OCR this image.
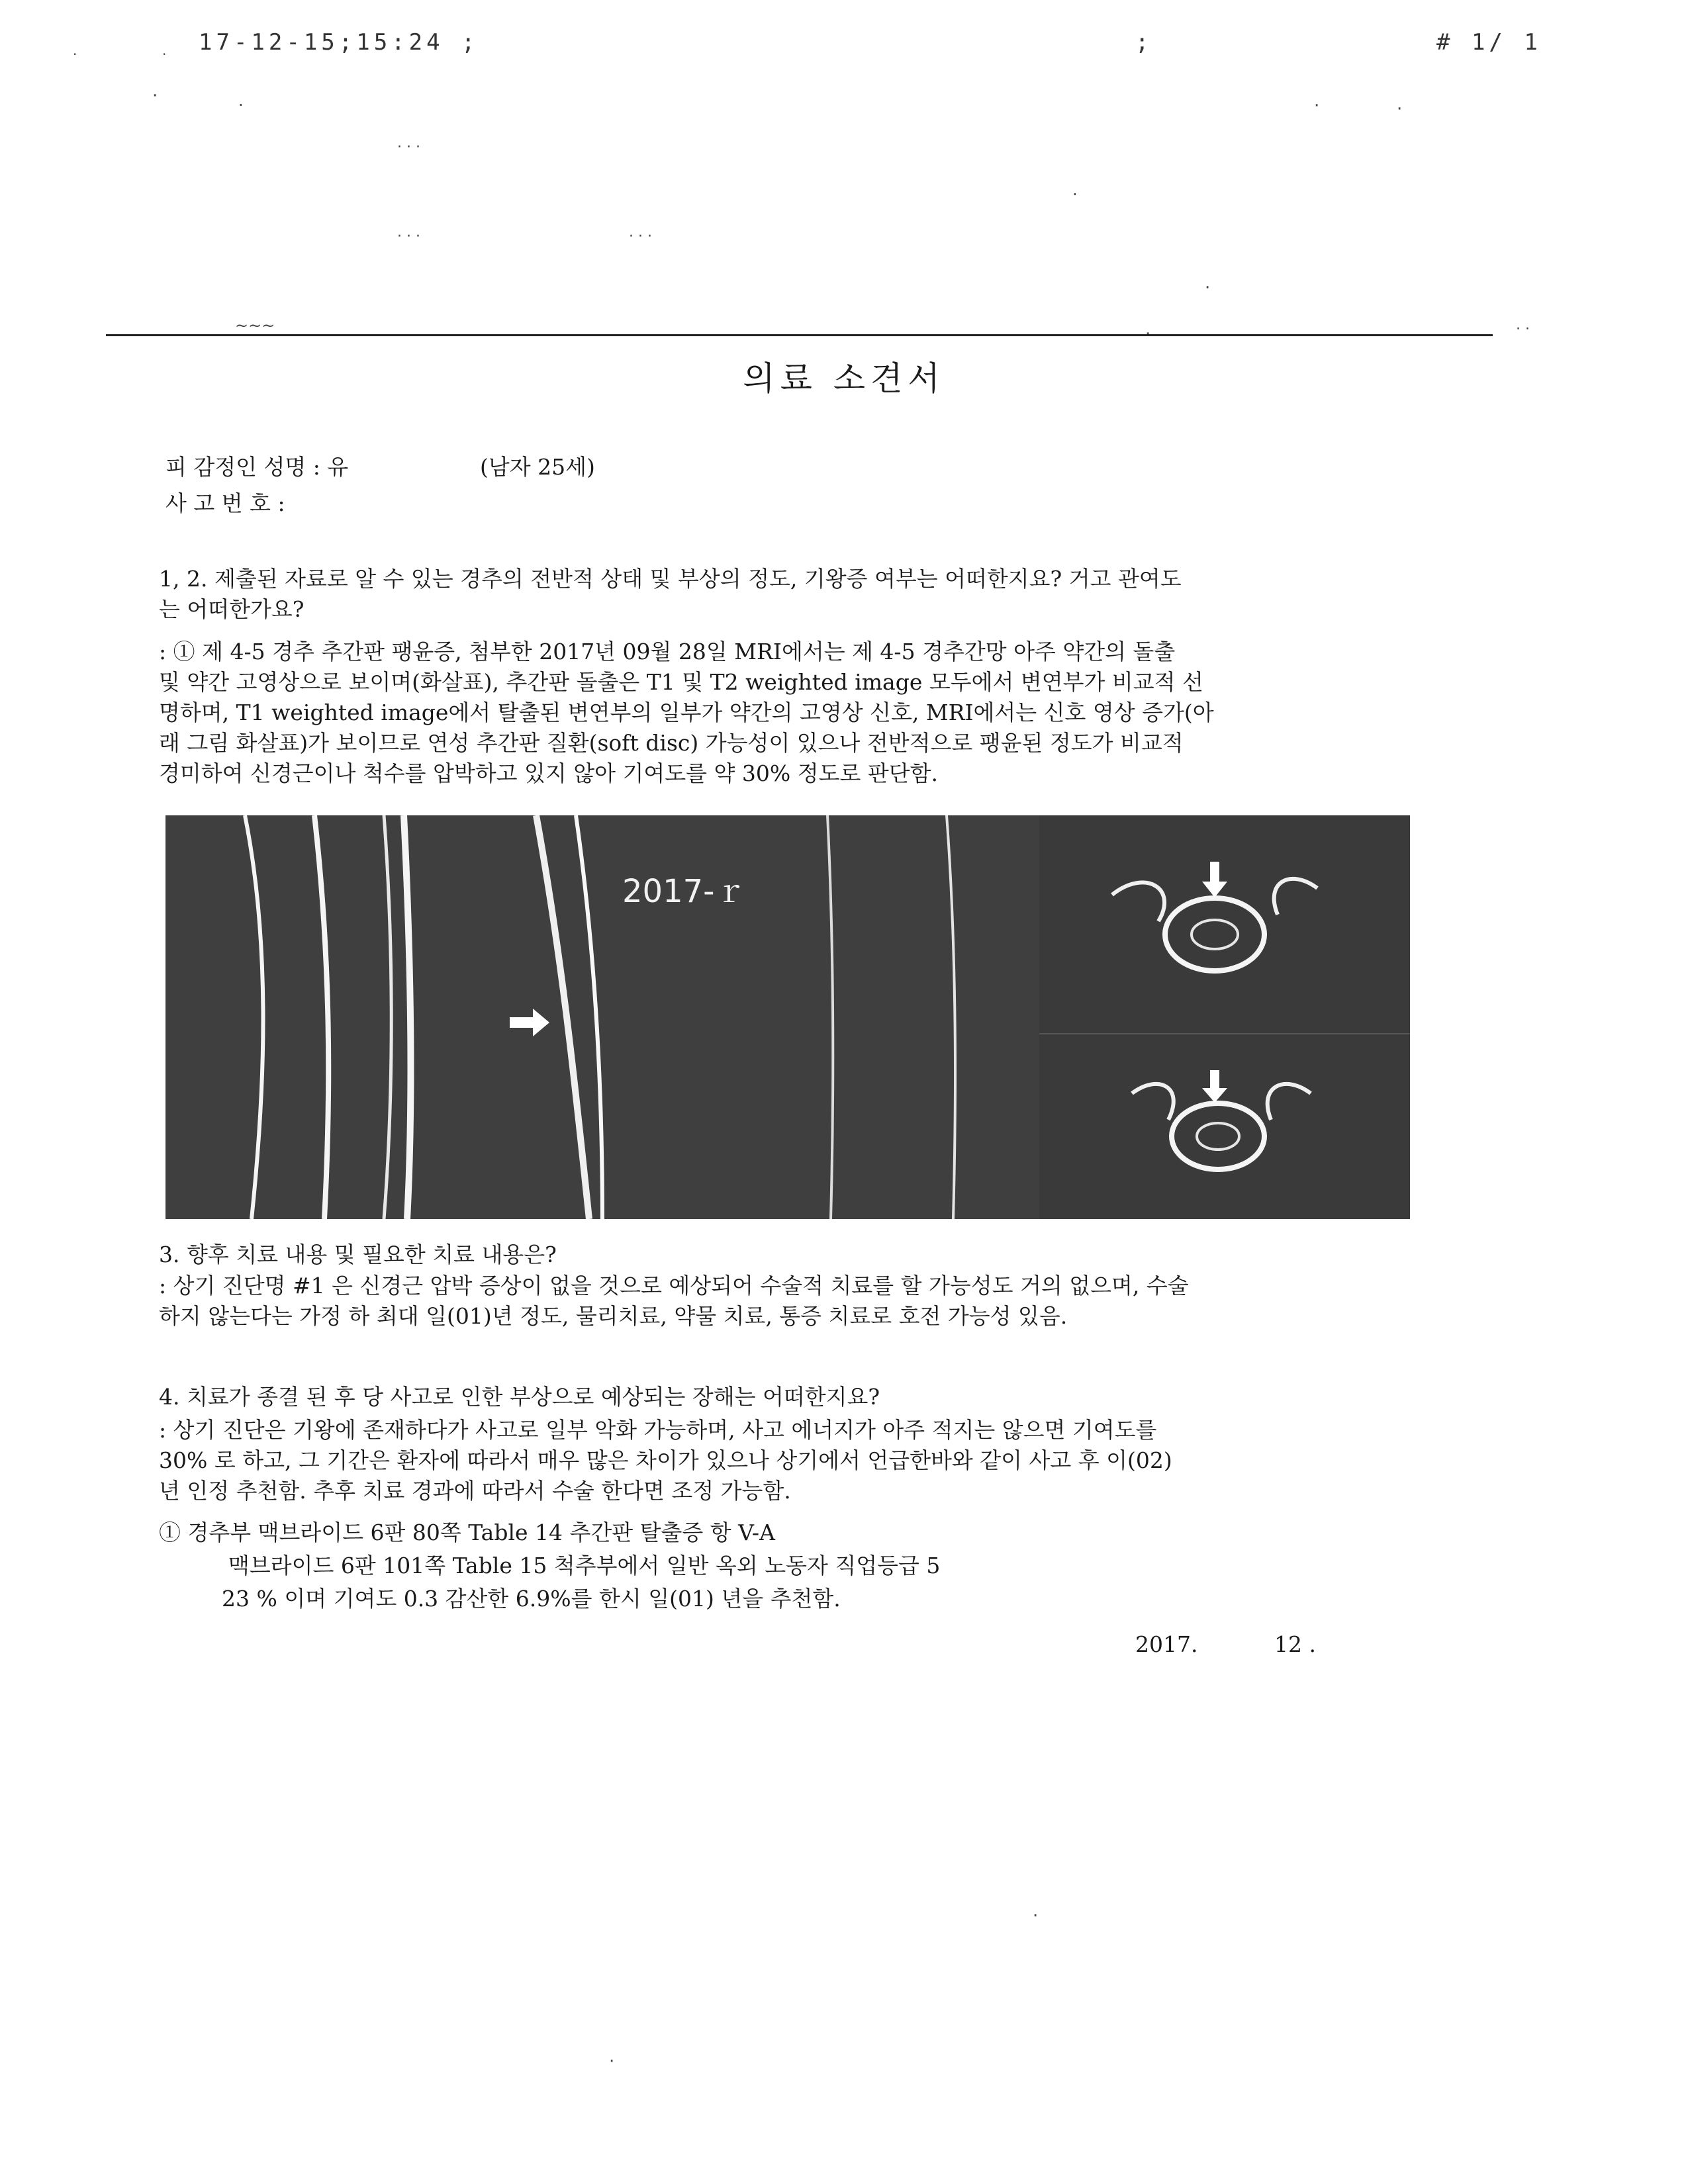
17-12-15;15:24 ;	;	# 1/ 1
·	·
·	·
· · ·
· · ·	· · ·
·
·	·
·
·	· ·
~~~
·
·
의료 소견서
피 감정인 성명 : 유	(남자 25세)
사 고 번 호 :
1, 2. 제출된 자료로 알 수 있는 경추의 전반적 상태 및 부상의 정도, 기왕증 여부는 어떠한지요? 거고 관여도
는 어떠한가요?
: ① 제 4-5 경추 추간판 팽윤증, 첨부한 2017년 09월 28일 MRI에서는 제 4-5 경추간망 아주 약간의 돌출
및 약간 고영상으로 보이며(화살표), 추간판 돌출은 T1 및 T2 weighted image 모두에서 변연부가 비교적 선
명하며, T1 weighted image에서 탈출된 변연부의 일부가 약간의 고영상 신호, MRI에서는 신호 영상 증가(아
래 그림 화살표)가 보이므로 연성 추간판 질환(soft disc) 가능성이 있으나 전반적으로 팽윤된 정도가 비교적
경미하여 신경근이나 척수를 압박하고 있지 않아 기여도를 약 30% 정도로 판단함.
2017-ｒ
3. 향후 치료 내용 및 필요한 치료 내용은?
: 상기 진단명 #1 은 신경근 압박 증상이 없을 것으로 예상되어 수술적 치료를 할 가능성도 거의 없으며, 수술
하지 않는다는 가정 하 최대 일(01)년 정도, 물리치료, 약물 치료, 통증 치료로 호전 가능성 있음.
4. 치료가 종결 된 후 당 사고로 인한 부상으로 예상되는 장해는 어떠한지요?
: 상기 진단은 기왕에 존재하다가 사고로 일부 악화 가능하며, 사고 에너지가 아주 적지는 않으면 기여도를
30% 로 하고, 그 기간은 환자에 따라서 매우 많은 차이가 있으나 상기에서 언급한바와 같이 사고 후 이(02)
년 인정 추천함. 추후 치료 경과에 따라서 수술 한다면 조정 가능함.
① 경추부 맥브라이드 6판 80쪽 Table 14 추간판 탈출증 항 V-A
맥브라이드 6판 101쪽 Table 15 척추부에서 일반 옥외 노동자 직업등급 5
23 % 이며 기여도 0.3 감산한 6.9%를 한시 일(01) 년을 추천함.
2017.	12 .
